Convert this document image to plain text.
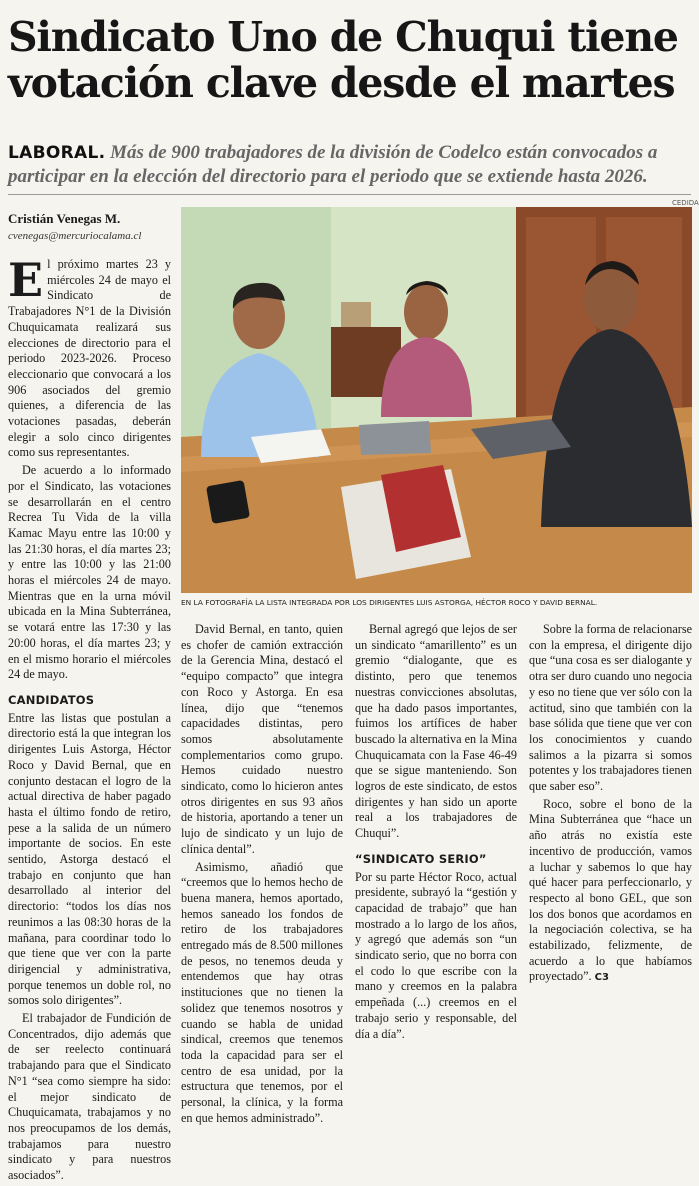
Sindicato Uno de Chuqui tiene votación clave desde el martes

LABORAL. Más de 900 trabajadores de la división de Codelco están convocados a participar en la elección del directorio para el periodo que se extiende hasta 2026.

Cristián Venegas M.

cvenegas@mercuriocalama.cl

CEDIDA

EN LA FOTOGRAFÍA LA LISTA INTEGRADA POR LOS DIRIGENTES LUIS ASTORGA, HÉCTOR ROCO Y DAVID BERNAL.

El próximo martes 23 y miércoles 24 de mayo el Sindicato de Trabajadores N°1 de la División Chuquicamata realizará sus elecciones de directorio para el periodo 2023-2026. Proceso eleccionario que convocará a los 906 asociados del gremio quienes, a diferencia de las votaciones pasadas, deberán elegir a solo cinco dirigentes como sus representantes.

De acuerdo a lo informado por el Sindicato, las votaciones se desarrollarán en el centro Recrea Tu Vida de la villa Kamac Mayu entre las 10:00 y las 21:30 horas, el día martes 23; y entre las 10:00 y las 21:00 horas el miércoles 24 de mayo. Mientras que en la urna móvil ubicada en la Mina Subterránea, se votará entre las 17:30 y las 20:00 horas, el día martes 23; y en el mismo horario el miércoles 24 de mayo.

CANDIDATOS

Entre las listas que postulan a directorio está la que integran los dirigentes Luis Astorga, Héctor Roco y David Bernal, que en conjunto destacan el logro de la actual directiva de haber pagado hasta el último fondo de retiro, pese a la salida de un número importante de socios. En este sentido, Astorga destacó el trabajo en conjunto que han desarrollado al interior del directorio: “todos los días nos reunimos a las 08:30 horas de la mañana, para coordinar todo lo que tiene que ver con la parte dirigencial y administrativa, porque tenemos un doble rol, no somos solo dirigentes”.

El trabajador de Fundición de Concentrados, dijo además que de ser reelecto continuará trabajando para que el Sindicato N°1 “sea como siempre ha sido: el mejor sindicato de Chuquicamata, trabajamos y no nos preocupamos de los demás, trabajamos para nuestro sindicato y para nuestros asociados”.

David Bernal, en tanto, quien es chofer de camión extracción de la Gerencia Mina, destacó el “equipo compacto” que integra con Roco y Astorga. En esa línea, dijo que “tenemos capacidades distintas, pero somos absolutamente complementarios como grupo. Hemos cuidado nuestro sindicato, como lo hicieron antes otros dirigentes en sus 93 años de historia, aportando a tener un lujo de sindicato y un lujo de clínica dental”.

Asimismo, añadió que “creemos que lo hemos hecho de buena manera, hemos aportado, hemos saneado los fondos de retiro de los trabajadores entregado más de 8.500 millones de pesos, no tenemos deuda y entendemos que hay otras instituciones que no tienen la solidez que tenemos nosotros y cuando se habla de unidad sindical, creemos que tenemos toda la capacidad para ser el centro de esa unidad, por la estructura que tenemos, por el personal, la clínica, y la forma en que hemos administrado”.

Bernal agregó que lejos de ser un sindicato “amarillento” es un gremio “dialogante, que es distinto, pero que tenemos nuestras convicciones absolutas, que ha dado pasos importantes, fuimos los artífices de haber buscado la alternativa en la Mina Chuquicamata con la Fase 46-49 que se sigue manteniendo. Son logros de este sindicato, de estos dirigentes y han sido un aporte real a los trabajadores de Chuqui”.

“SINDICATO SERIO”

Por su parte Héctor Roco, actual presidente, subrayó la “gestión y capacidad de trabajo” que han mostrado a lo largo de los años, y agregó que además son “un sindicato serio, que no borra con el codo lo que escribe con la mano y creemos en la palabra empeñada (...) creemos en el trabajo serio y responsable, del día a día”.

Sobre la forma de relacionarse con la empresa, el dirigente dijo que “una cosa es ser dialogante y otra ser duro cuando uno negocia y eso no tiene que ver sólo con la actitud, sino que también con la base sólida que tiene que ver con los conocimientos y cuando salimos a la pizarra si somos potentes y los trabajadores tienen que saber eso”.

Roco, sobre el bono de la Mina Subterránea que “hace un año atrás no existía este incentivo de producción, vamos a luchar y sabemos lo que hay qué hacer para perfeccionarlo, y respecto al bono GEL, que son los dos bonos que acordamos en la negociación colectiva, se ha estabilizado, felizmente, de acuerdo a lo que habíamos proyectado”. C3
